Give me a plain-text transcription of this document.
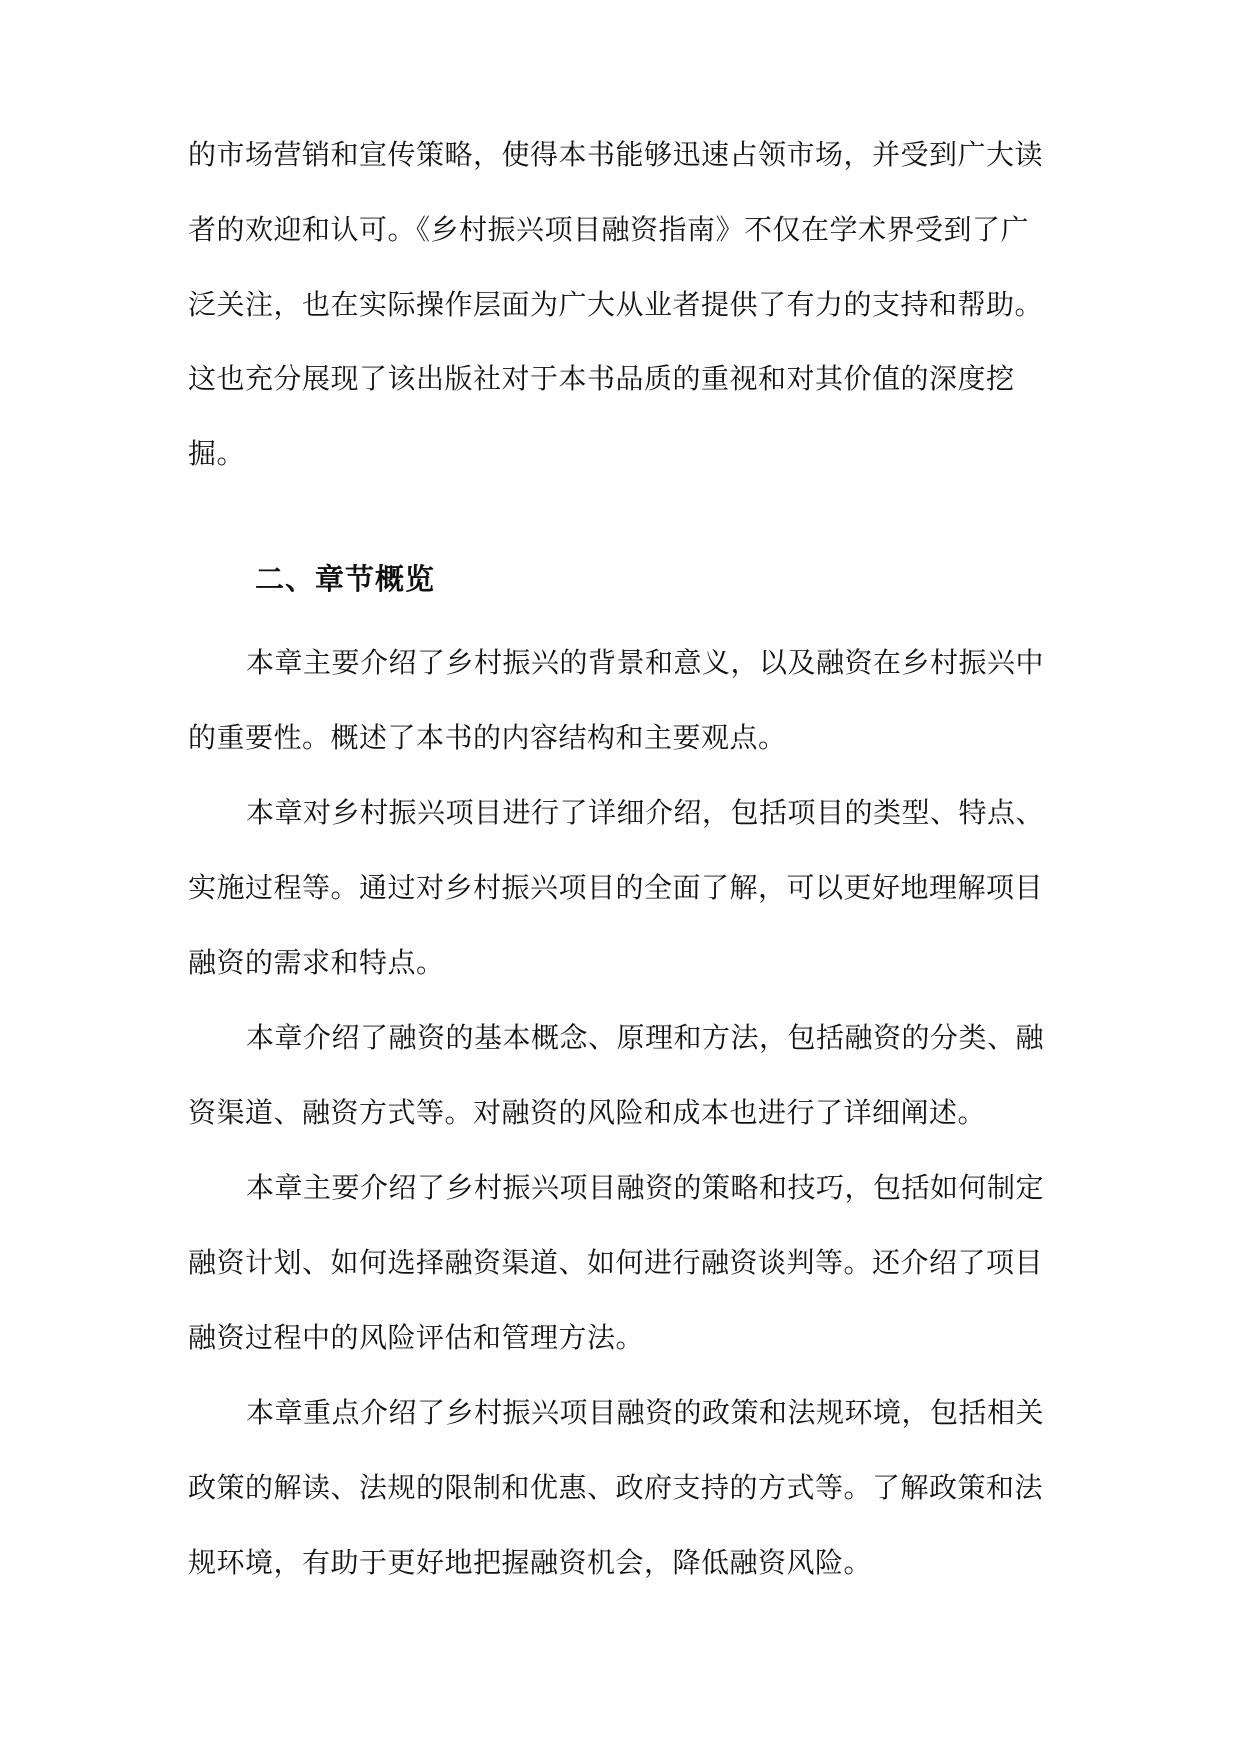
的市场营销和宣传策略，使得本书能够迅速占领市场，并受到广大读
者的欢迎和认可。《乡村振兴项目融资指南》不仅在学术界受到了广
泛关注，也在实际操作层面为广大从业者提供了有力的支持和帮助。
这也充分展现了该出版社对于本书品质的重视和对其价值的深度挖
掘。
二、章节概览
本章主要介绍了乡村振兴的背景和意义，以及融资在乡村振兴中
的重要性。概述了本书的内容结构和主要观点。
本章对乡村振兴项目进行了详细介绍，包括项目的类型、特点、
实施过程等。通过对乡村振兴项目的全面了解，可以更好地理解项目
融资的需求和特点。
本章介绍了融资的基本概念、原理和方法，包括融资的分类、融
资渠道、融资方式等。对融资的风险和成本也进行了详细阐述。
本章主要介绍了乡村振兴项目融资的策略和技巧，包括如何制定
融资计划、如何选择融资渠道、如何进行融资谈判等。还介绍了项目
融资过程中的风险评估和管理方法。
本章重点介绍了乡村振兴项目融资的政策和法规环境，包括相关
政策的解读、法规的限制和优惠、政府支持的方式等。了解政策和法
规环境，有助于更好地把握融资机会，降低融资风险。
